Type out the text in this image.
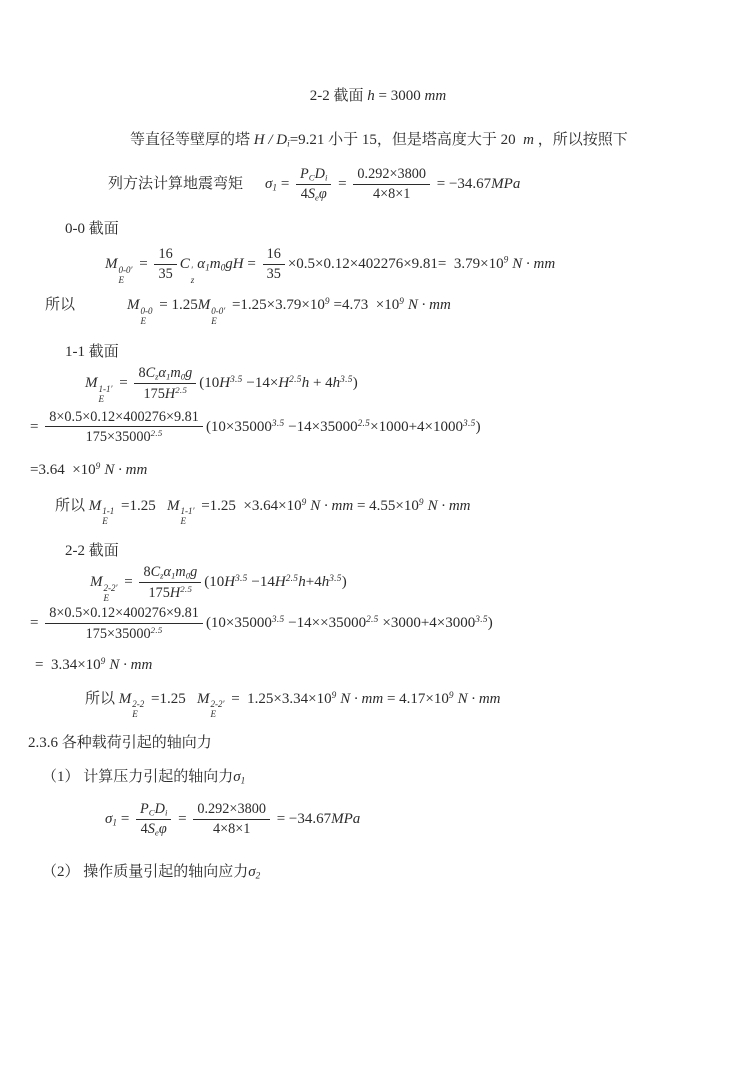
2-2 截面 h = 3000 mm
等直径等壁厚的塔 H / Di=9.21 小于 15，但是塔高度大于 20  m ，所以按照下
列方法计算地震弯矩 $\sigma 1 = \frac{\text{PCDi}}{\text{4Seφ}} = \frac{0.292\times 3800}{4\times 8\times 1} = -34.67MPa$
0-0 截面
M 0-0′
E
= $\frac{16}{35}$ C ′
z
$\alpha 1m0gH = \frac{16}{35} \times 0.5\times 0.12\times 402276\times 9.81= 3.79\times 10^9$ N · mm
所以	M 0-0
E
= 1.25M 0-0′
E
$=1.25\times 3.79\times 10^9 =4.73 \times 10^9$ N · mm
1-1 截面
M 1-1′
E
= $\frac{\text{8Czα1m0g}}{175H^{2.5}} (10H^{3.5} -14\times H^{2.5}h + 4h^{3.5})$
= $\frac{8\times 0.5\times 0.12\times 400276\times 9.81}{175\times 35000^{2.5}} (10\times 35000^{3.5} -14\times 35000^{2.5}\times 1000+4\times 1000^{3.5})$
$=3.64 \times 10^9$ N · mm
所以 M 1-1
E
=1.25   M 1-1′
E
$=1.25 \times 3.64\times 10^9$ N · mm = $4.55\times 10^9$ N · mm
2-2 截面
M 2-2′
E
= $\frac{\text{8Czα1m0g}}{175H^{2.5}} (10H^{3.5} -14H^{2.5}h+4h^{3.5})$
= $\frac{8\times 0.5\times 0.12\times 400276\times 9.81}{175\times 35000^{2.5}} (10\times 35000^{3.5} -14\times\times 35000^{2.5} \times 3000+4\times 3000^{3.5})$
=  $3.34\times 10^9$ N · mm
所以 M 2-2
E
=1.25   M 2-2′
E
=  $1.25\times 3.34\times 10^9$ N · mm = $4.17\times 10^9$ N · mm
2.3.6 各种载荷引起的轴向力
（1） 计算压力引起的轴向力σ1
$\sigma 1 = \frac{\text{PCDi}}{\text{4Seφ}} = \frac{0.292\times 3800}{4\times 8\times 1} = -34.67MPa$
（2） 操作质量引起的轴向应力σ2
